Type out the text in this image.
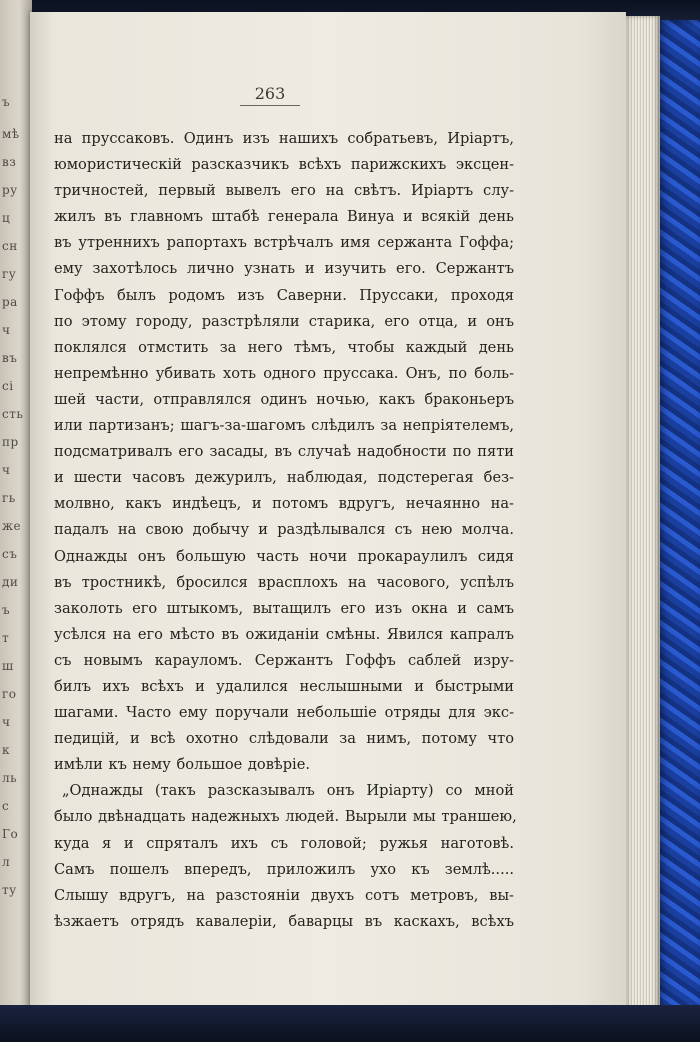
ъ
мѣ
вз
ру
ц
сн
гу
ра
ч
въ
сі
сть
пр
ч
гь
же
съ
ди
ъ
т
ш
го
ч
к
ль
с
Го
л
ту
263
на пруссаковъ. Одинъ изъ нашихъ собратьевъ, Иріартъ,
юмористическій разсказчикъ всѣхъ парижскихъ эксцен-
тричностей, первый вывелъ его на свѣтъ. Иріартъ слу-
жилъ въ главномъ штабѣ генерала Винуа и всякій день
въ утреннихъ рапортахъ встрѣчалъ имя сержанта Гоффа;
ему захотѣлось лично узнать и изучить его. Сержантъ
Гоффъ былъ родомъ изъ Саверни. Пруссаки, проходя
по этому городу, разстрѣляли старика, его отца, и онъ
поклялся отмстить за него тѣмъ, чтобы каждый день
непремѣнно убивать хоть одного пруссака. Онъ, по боль-
шей части, отправлялся одинъ ночью, какъ браконьеръ
или партизанъ; шагъ-за-шагомъ слѣдилъ за непріятелемъ,
подсматривалъ его засады, въ случаѣ надобности по пяти
и шести часовъ дежурилъ, наблюдая, подстерегая без-
молвно, какъ индѣецъ, и потомъ вдругъ, нечаянно на-
падалъ на свою добычу и раздѣлывался съ нею молча.
Однажды онъ большую часть ночи прокараулилъ сидя
въ тростникѣ, бросился врасплохъ на часового, успѣлъ
заколоть его штыкомъ, вытащилъ его изъ окна и самъ
усѣлся на его мѣсто въ ожиданіи смѣны. Явился капралъ
съ новымъ карауломъ. Сержантъ Гоффъ саблей изру-
билъ ихъ всѣхъ и удалился неслышными и быстрыми
шагами. Часто ему поручали небольшіе отряды для экс-
педицій, и всѣ охотно слѣдовали за нимъ, потому что
имѣли къ нему большое довѣріе.
„Однажды (такъ разсказывалъ онъ Иріарту) со мной
было двѣнадцать надежныхъ людей. Вырыли мы траншею,
куда я и спряталъ ихъ съ головой; ружья наготовѣ.
Самъ пошелъ впередъ, приложилъ ухо къ землѣ.....
Слышу вдругъ, на разстояніи двухъ сотъ метровъ, вы-
ѣзжаетъ отрядъ кавалеріи, баварцы въ каскахъ, всѣхъ
